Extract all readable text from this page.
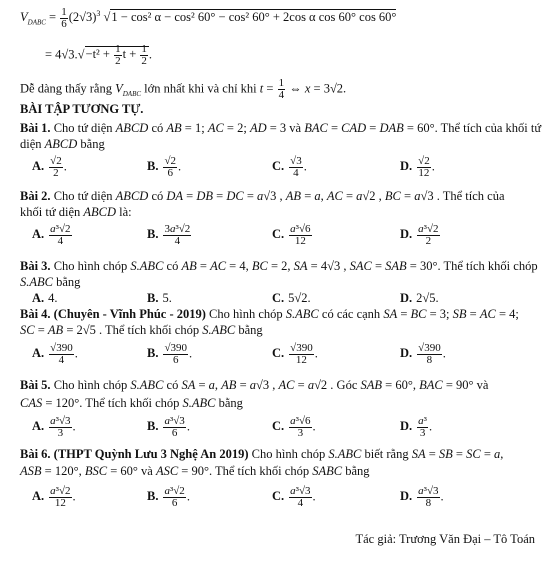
$V_{DABC} = \frac{1}{6} (2√3)^3$ √1 − cos² α − cos² 60° − cos² 60° + 2cos α cos 60° cos 60°
= $4√3.√-t^2 + \frac{1}{2}$ $t + \frac{1}{2}$ .
Dễ dàng thấy rằng $V_{DABC}$ lớn nhất khi và chỉ khi $t = \frac{1}{4}$ ⇔ x = 3√2.
BÀI TẬP TƯƠNG TỰ.
Bài 1. Cho tứ diện ABCD có AB = 1; AC = 2; AD = 3 và BAC = CAD = DAB = 60°. Thể tích của khối tứ
diện ABCD bằng
A. $\frac{√2}{2}$ .	B. $\frac{√2}{6}$ .	C. $\frac{√3}{4}$ .	D. $\frac{√2}{12}$ .
Bài 2. Cho tứ diện ABCD có DA = DB = DC = a√3 , AB = a, AC = a√2 , BC = a√3 . Thể tích của
khối tứ diện ABCD là:
A. $\frac{\text{a³√2}}{4}$	B. $\frac{\text{3a³√2}}{4}$	C. $\frac{\text{a³√6}}{12}$	D. $\frac{\text{a³√2}}{2}$
Bài 3. Cho hình chóp S.ABC có AB = AC = 4, BC = 2, SA = 4√3 , SAC = SAB = 30°. Thể tích khối chóp
S.ABC bằng
A. 4.	B. 5.	C. 5√2.	D. 2√5.
Bài 4. (Chuyên - Vĩnh Phúc - 2019) Cho hình chóp S.ABC có các cạnh SA = BC = 3; SB = AC = 4;
SC = AB = 2√5 . Thể tích khối chóp S.ABC bằng
A. $\frac{√390}{4}$ .	B. $\frac{√390}{6}$ .	C. $\frac{√390}{12}$ .	D. $\frac{√390}{8}$ .
Bài 5. Cho hình chóp S.ABC có SA = a, AB = a√3 , AC = a√2 . Góc SAB = 60°, BAC = 90° và
CAS = 120°. Thể tích khối chóp S.ABC bằng
A. $\frac{\text{a³√3}}{3}$ .	B. $\frac{\text{a³√3}}{6}$ .	C. $\frac{\text{a³√6}}{3}$ .	D. $\frac{\text{a³}}{3}$ .
Bài 6. (THPT Quỳnh Lưu 3 Nghệ An 2019) Cho hình chóp S.ABC biết rằng SA = SB = SC = a,
ASB = 120°, BSC = 60° và ASC = 90°. Thể tích khối chóp SABC bằng
A. $\frac{\text{a³√2}}{12}$ .	B. $\frac{\text{a³√2}}{6}$ .	C. $\frac{\text{a³√3}}{4}$ .	D. $\frac{\text{a³√3}}{8}$ .
Tác giả: Trương Văn Đại – Tô Toán
